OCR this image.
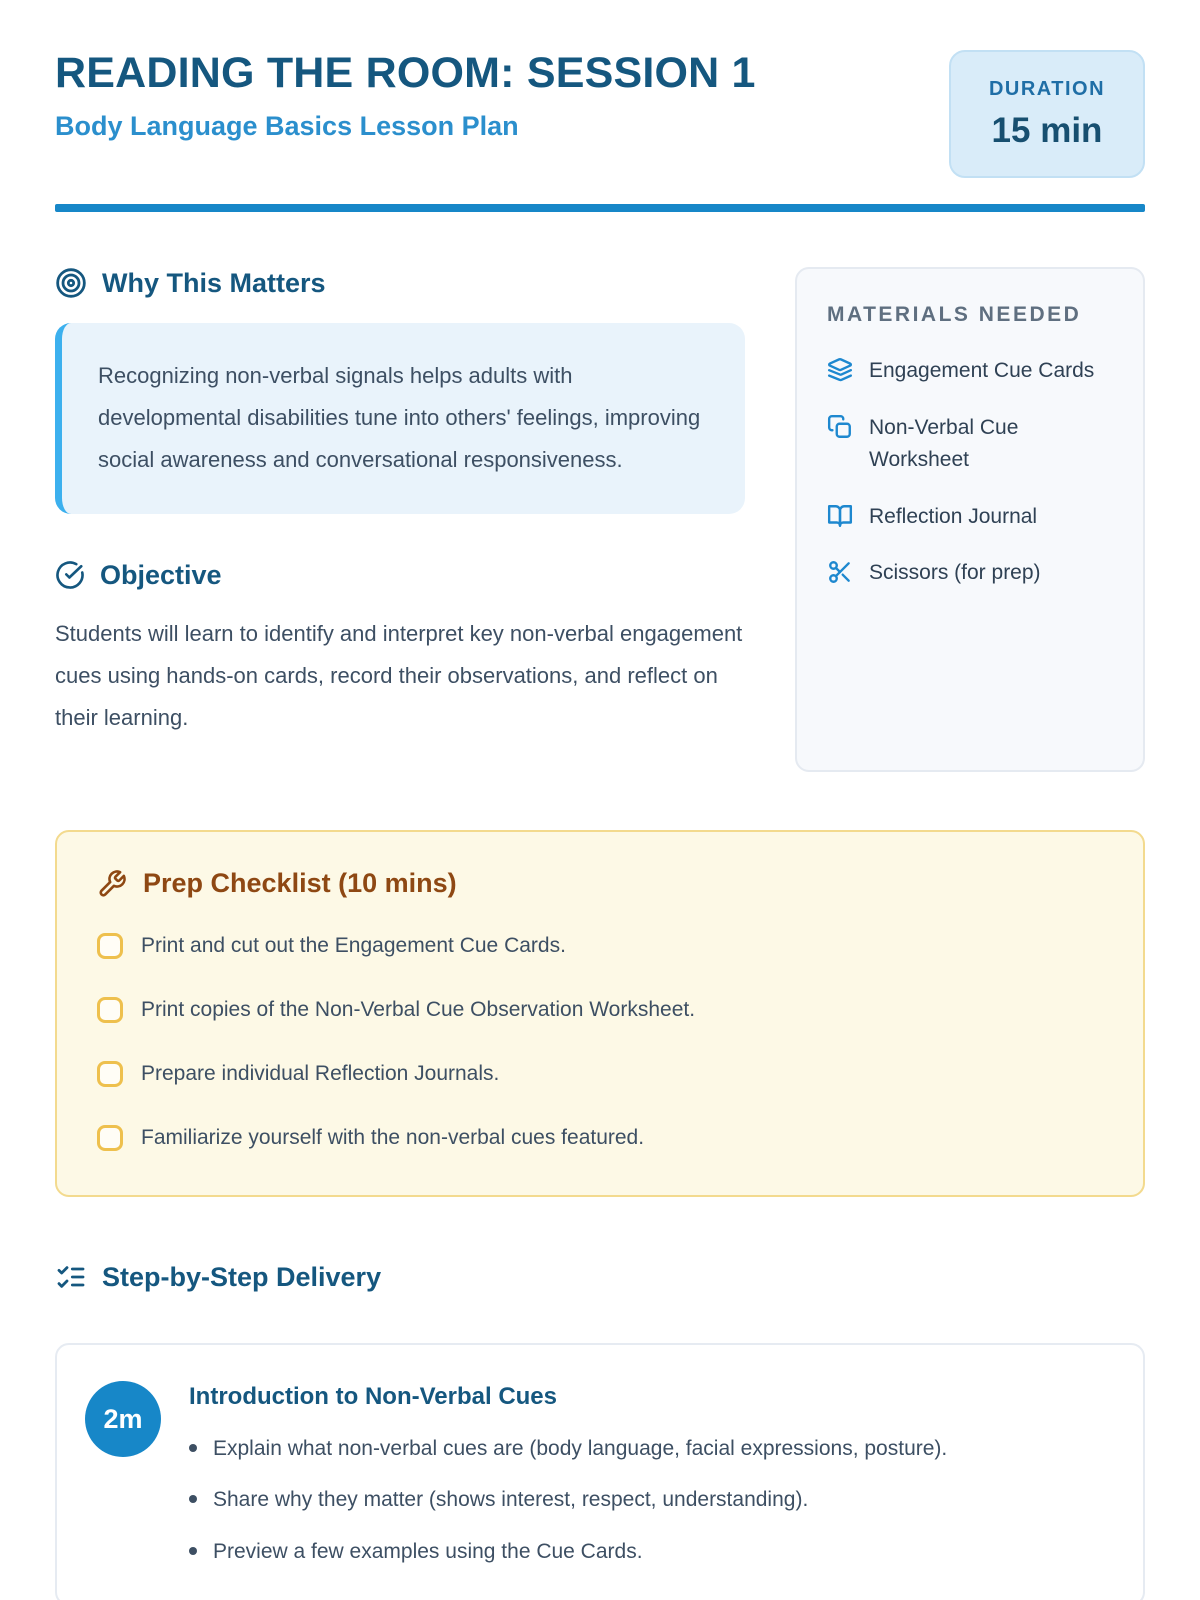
READING THE ROOM: SESSION 1
Body Language Basics Lesson Plan
DURATION
15 min
Why This Matters
Recognizing non-verbal signals helps adults with developmental disabilities tune into others' feelings, improving social awareness and conversational responsiveness.
Objective
Students will learn to identify and interpret key non-verbal engagement cues using hands-on cards, record their observations, and reflect on their learning.
MATERIALS NEEDED
Engagement Cue Cards
Non-Verbal Cue Worksheet
Reflection Journal
Scissors (for prep)
Prep Checklist (10 mins)
Print and cut out the Engagement Cue Cards.
Print copies of the Non-Verbal Cue Observation Worksheet.
Prepare individual Reflection Journals.
Familiarize yourself with the non-verbal cues featured.
Step-by-Step Delivery
2m
Introduction to Non-Verbal Cues
Explain what non-verbal cues are (body language, facial expressions, posture).
Share why they matter (shows interest, respect, understanding).
Preview a few examples using the Cue Cards.
